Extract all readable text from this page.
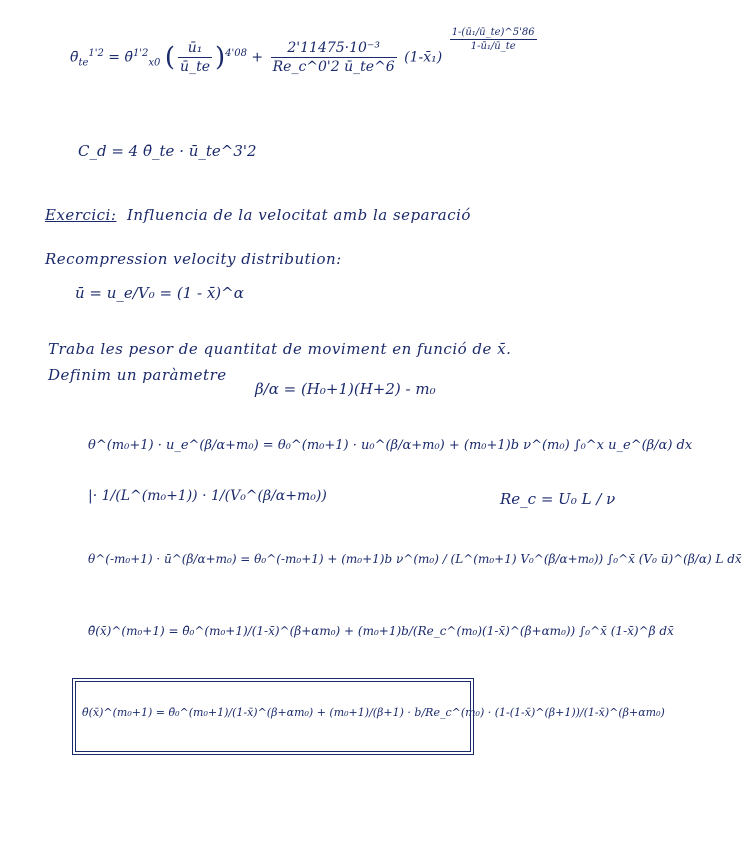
$\thetā_{te}^{1'2}$ = θ̄$^{1'2}_{x0}$ ( $\frac{\text{ū₁}}{ū\_te} )^{4'08} + \frac{\text{2'11475·10⁻³}}{Re\_c\^{}0'2 ū\_te\^{}6}$ (1-x̄₁)
$\frac{\text{1-(ū₁/ū\_te)\textasciicircum{}5'86}}{\text{1-ū₁/ū\_te}}$
C_d = 4 θ̄_te · ū_te^3'2
Exercici: Influencia de la velocitat amb la separació
Recompression velocity distribution:
ū = u_e/V₀ = (1 - x̄)^α
Traba les pesor de quantitat de moviment en funció de x̄.
Definim un paràmetre
β/α = (H₀+1)(H+2) - m₀
θ^(m₀+1) · u_e^(β/α+m₀) = θ₀^(m₀+1) · u₀^(β/α+m₀) + (m₀+1)b ν^(m₀) ∫₀^x u_e^(β/α) dx
|· 1/(L^(m₀+1)) · 1/(V₀^(β/α+m₀))	Re_c = U₀ L / ν
θ^(-m₀+1) · ū^(β/α+m₀) = θ₀^(-m₀+1) + (m₀+1)b ν^(m₀) / (L^(m₀+1) V₀^(β/α+m₀)) ∫₀^x̄ (V₀ ū)^(β/α) L dx̄
θ̄(x̄)^(m₀+1) = θ̄₀^(m₀+1)/(1-x̄)^(β+αm₀) + (m₀+1)b/(Re_c^(m₀)(1-x̄)^(β+αm₀)) ∫₀^x̄ (1-x̄)^β dx̄
θ̄(x̄)^(m₀+1) = θ̄₀^(m₀+1)/(1-x̄)^(β+αm₀) + (m₀+1)/(β+1) · b/Re_c^(m₀) · (1-(1-x̄)^(β+1))/(1-x̄)^(β+αm₀)
